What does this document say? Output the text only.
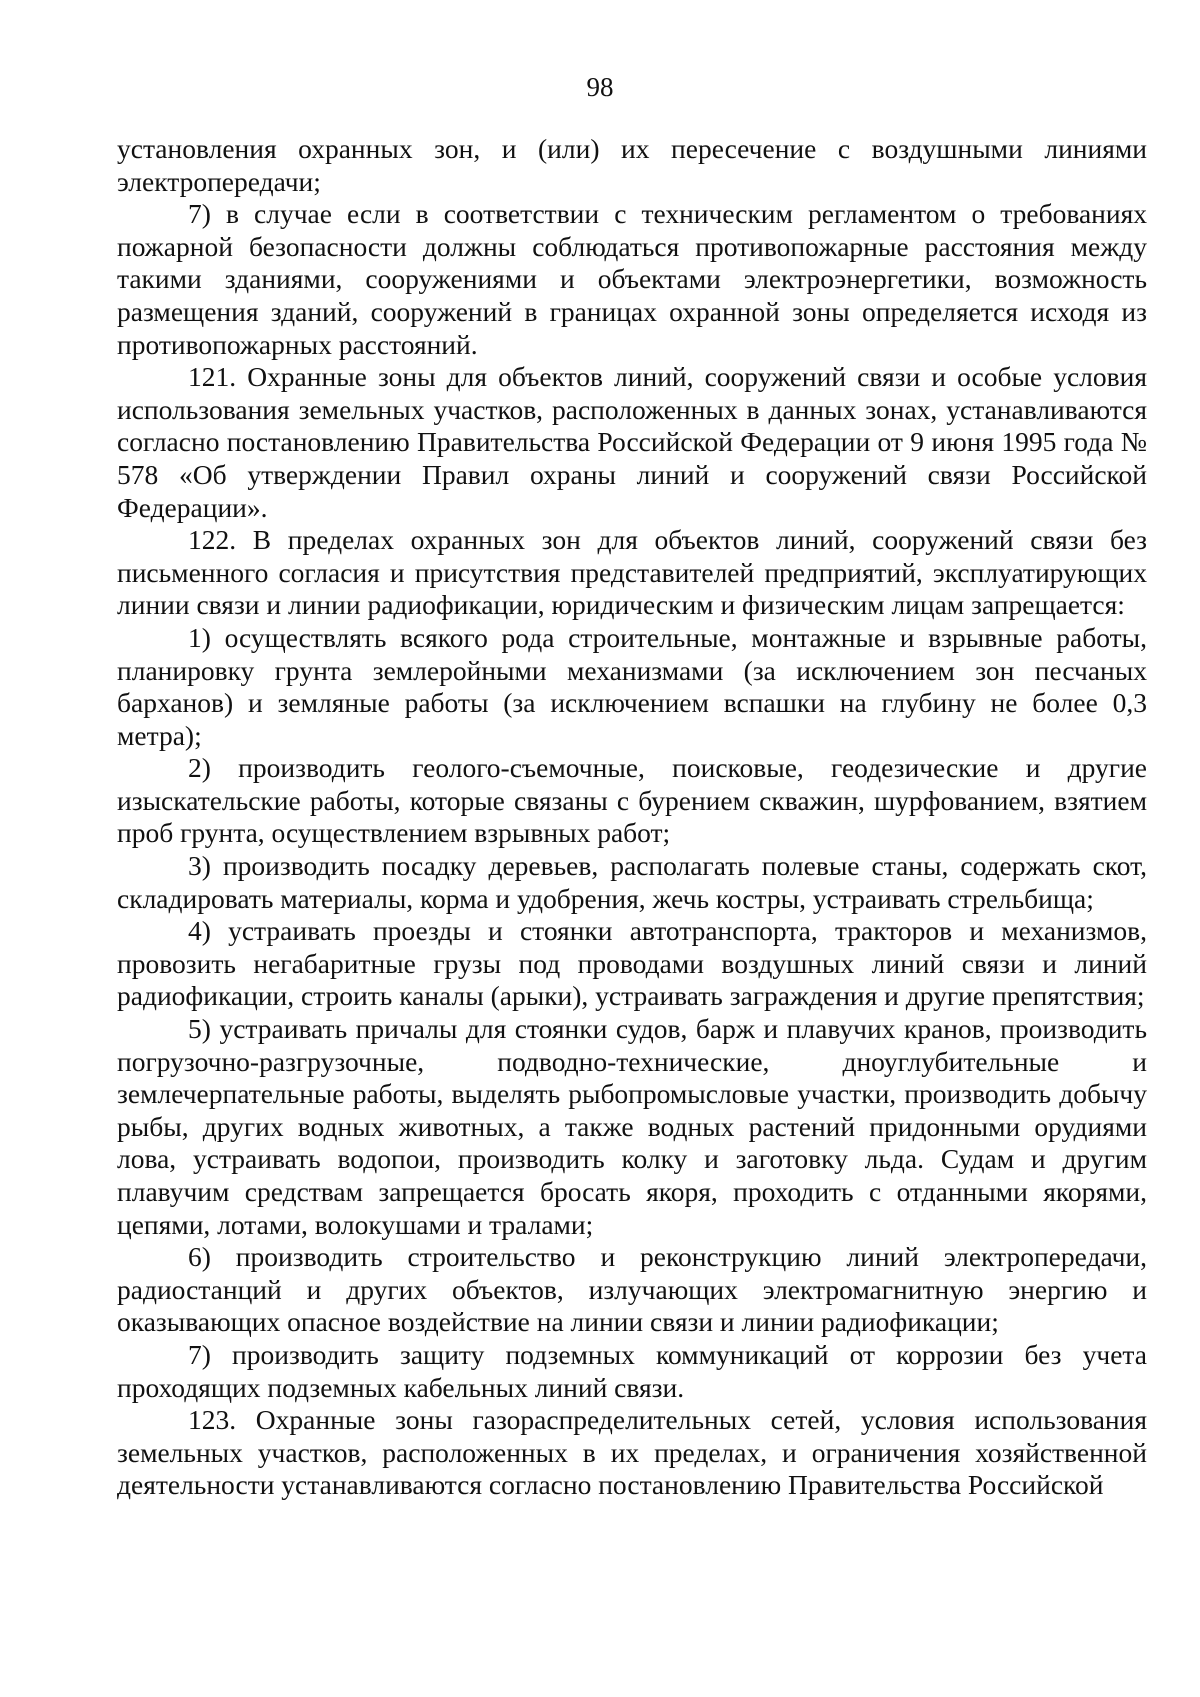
98

установления охранных зон, и (или) их пересечение с воздушными линиями электропередачи;

7) в случае если в соответствии с техническим регламентом о требованиях пожарной безопасности должны соблюдаться противопожарные расстояния между такими зданиями, сооружениями и объектами электроэнергетики, возможность размещения зданий, сооружений в границах охранной зоны определяется исходя из противопожарных расстояний.

121. Охранные зоны для объектов линий, сооружений связи и особые условия использования земельных участков, расположенных в данных зонах, устанавливаются согласно постановлению Правительства Российской Федерации от 9 июня 1995 года № 578 «Об утверждении Правил охраны линий и сооружений связи Российской Федерации».

122. В пределах охранных зон для объектов линий, сооружений связи без письменного согласия и присутствия представителей предприятий, эксплуатирующих линии связи и линии радиофикации, юридическим и физическим лицам запрещается:

1) осуществлять всякого рода строительные, монтажные и взрывные работы, планировку грунта землеройными механизмами (за исключением зон песчаных барханов) и земляные работы (за исключением вспашки на глубину не более 0,3 метра);

2) производить геолого-съемочные, поисковые, геодезические и другие изыскательские работы, которые связаны с бурением скважин, шурфованием, взятием проб грунта, осуществлением взрывных работ;

3) производить посадку деревьев, располагать полевые станы, содержать скот, складировать материалы, корма и удобрения, жечь костры, устраивать стрельбища;

4) устраивать проезды и стоянки автотранспорта, тракторов и механизмов, провозить негабаритные грузы под проводами воздушных линий связи и линий радиофикации, строить каналы (арыки), устраивать заграждения и другие препятствия;

5) устраивать причалы для стоянки судов, барж и плавучих кранов, производить погрузочно-разгрузочные, подводно-технические, дноуглубительные и землечерпательные работы, выделять рыбопромысловые участки, производить добычу рыбы, других водных животных, а также водных растений придонными орудиями лова, устраивать водопои, производить колку и заготовку льда. Судам и другим плавучим средствам запрещается бросать якоря, проходить с отданными якорями, цепями, лотами, волокушами и тралами;

6) производить строительство и реконструкцию линий электропередачи, радиостанций и других объектов, излучающих электромагнитную энергию и оказывающих опасное воздействие на линии связи и линии радиофикации;

7) производить защиту подземных коммуникаций от коррозии без учета проходящих подземных кабельных линий связи.

123. Охранные зоны газораспределительных сетей, условия использования земельных участков, расположенных в их пределах, и ограничения хозяйственной деятельности устанавливаются согласно постановлению Правительства Российской
